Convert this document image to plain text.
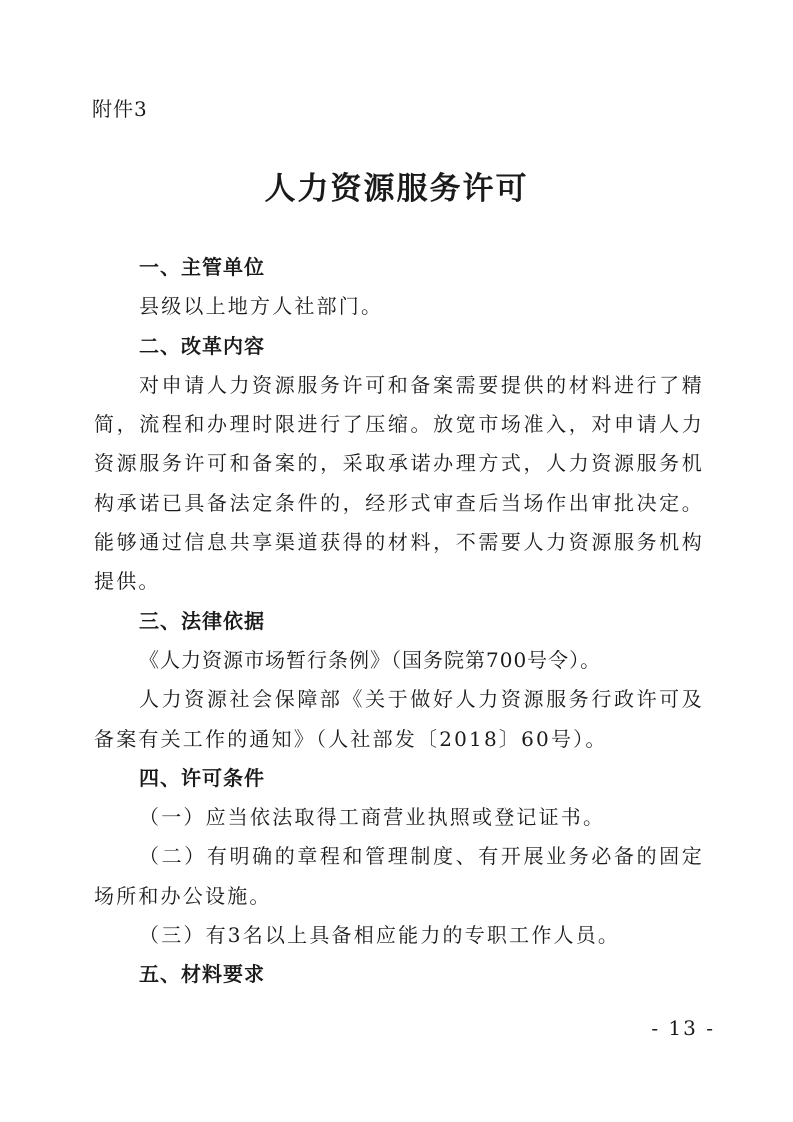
附件3
人力资源服务许可
一、主管单位
县级以上地方人社部门。
二、改革内容
对申请人力资源服务许可和备案需要提供的材料进行了精简，流程和办理时限进行了压缩。放宽市场准入，对申请人力资源服务许可和备案的，采取承诺办理方式，人力资源服务机构承诺已具备法定条件的，经形式审查后当场作出审批决定。能够通过信息共享渠道获得的材料，不需要人力资源服务机构提供。
三、法律依据
《人力资源市场暂行条例》（国务院第700号令）。
人力资源社会保障部《关于做好人力资源服务行政许可及备案有关工作的通知》（人社部发〔2018〕60号）。
四、许可条件
（一）应当依法取得工商营业执照或登记证书。
（二）有明确的章程和管理制度、有开展业务必备的固定场所和办公设施。
（三）有3名以上具备相应能力的专职工作人员。
五、材料要求
- 13 -
